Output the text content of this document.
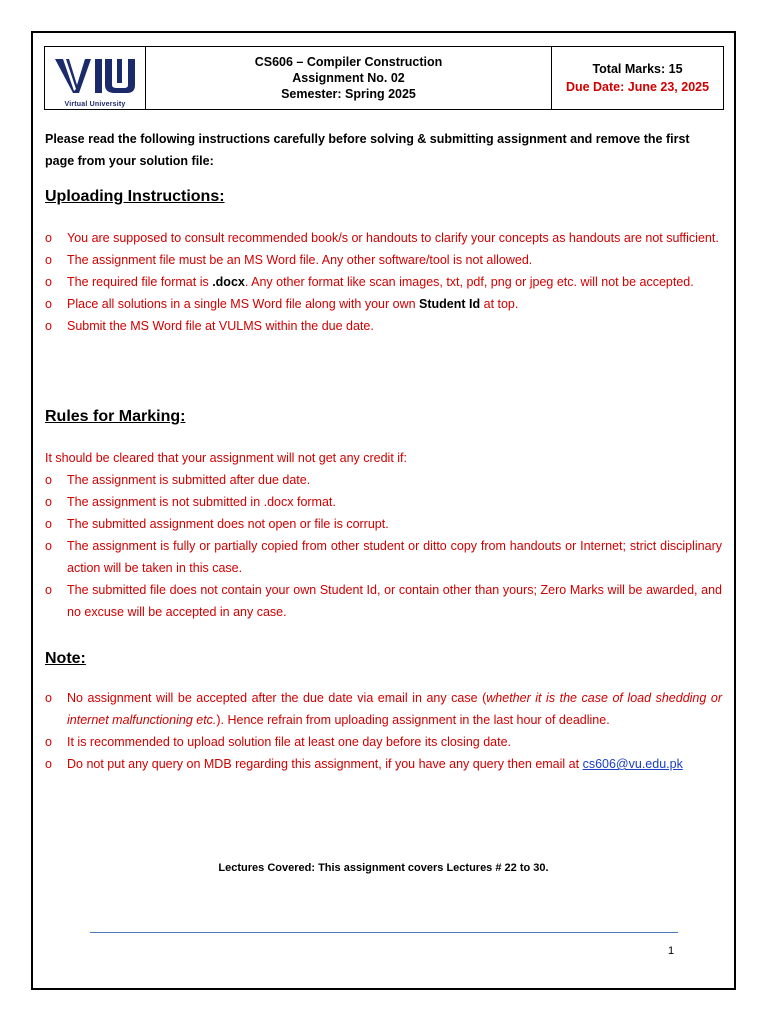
Virtual University
CS606 – Compiler Construction
Assignment No. 02
Semester: Spring 2025
Total Marks: 15
Due Date: June 23, 2025
Please read the following instructions carefully before solving & submitting assignment and remove the first page from your solution file:
Uploading Instructions:
o You are supposed to consult recommended book/s or handouts to clarify your concepts as handouts are not sufficient.
o The assignment file must be an MS Word file. Any other software/tool is not allowed.
o The required file format is .docx. Any other format like scan images, txt, pdf, png or jpeg etc. will not be accepted.
o Place all solutions in a single MS Word file along with your own Student Id at top.
o Submit the MS Word file at VULMS within the due date.
Rules for Marking:
It should be cleared that your assignment will not get any credit if:
o The assignment is submitted after due date.
o The assignment is not submitted in .docx format.
o The submitted assignment does not open or file is corrupt.
o The assignment is fully or partially copied from other student or ditto copy from handouts or Internet; strict disciplinary action will be taken in this case.
o The submitted file does not contain your own Student Id, or contain other than yours; Zero Marks will be awarded, and no excuse will be accepted in any case.
Note:
o No assignment will be accepted after the due date via email in any case (whether it is the case of load shedding or internet malfunctioning etc.). Hence refrain from uploading assignment in the last hour of deadline.
o It is recommended to upload solution file at least one day before its closing date.
o Do not put any query on MDB regarding this assignment, if you have any query then email at cs606@vu.edu.pk
Lectures Covered: This assignment covers Lectures # 22 to 30.
1
